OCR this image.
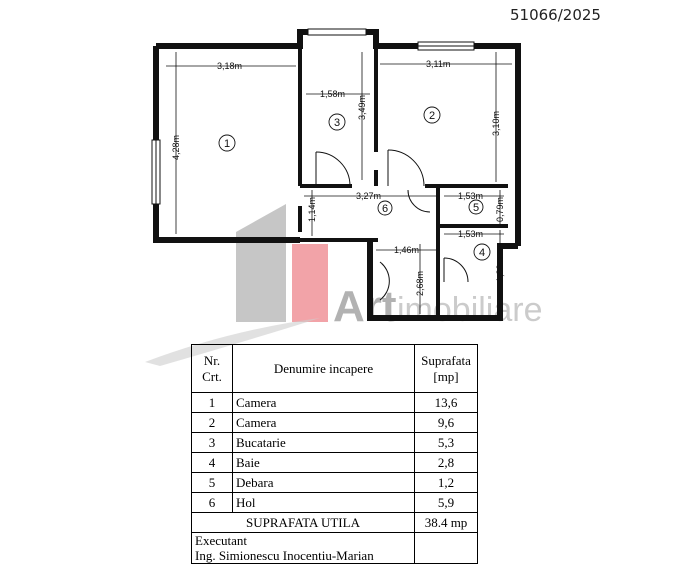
51066/2025
Art imobiliare
3,18m
4,28m
1,58m
3,49m
3,11m
3,10m
3,27m
1,14m
1,53m
0,79m
1,53m
1,80m
1,46m
2,68m
1
2
3
4
5
6
Nr.
Crt.	Denumire incapere	Suprafata
[mp]

1	Camera	13,6
2	Camera	9,6
3	Bucatarie	5,3
4	Baie	2,8
5	Debara	1,2
6	Hol	5,9
SUPRAFATA UTILA		38.4 mp

Executant
Ing. Simionescu Inocentiu-Marian		
